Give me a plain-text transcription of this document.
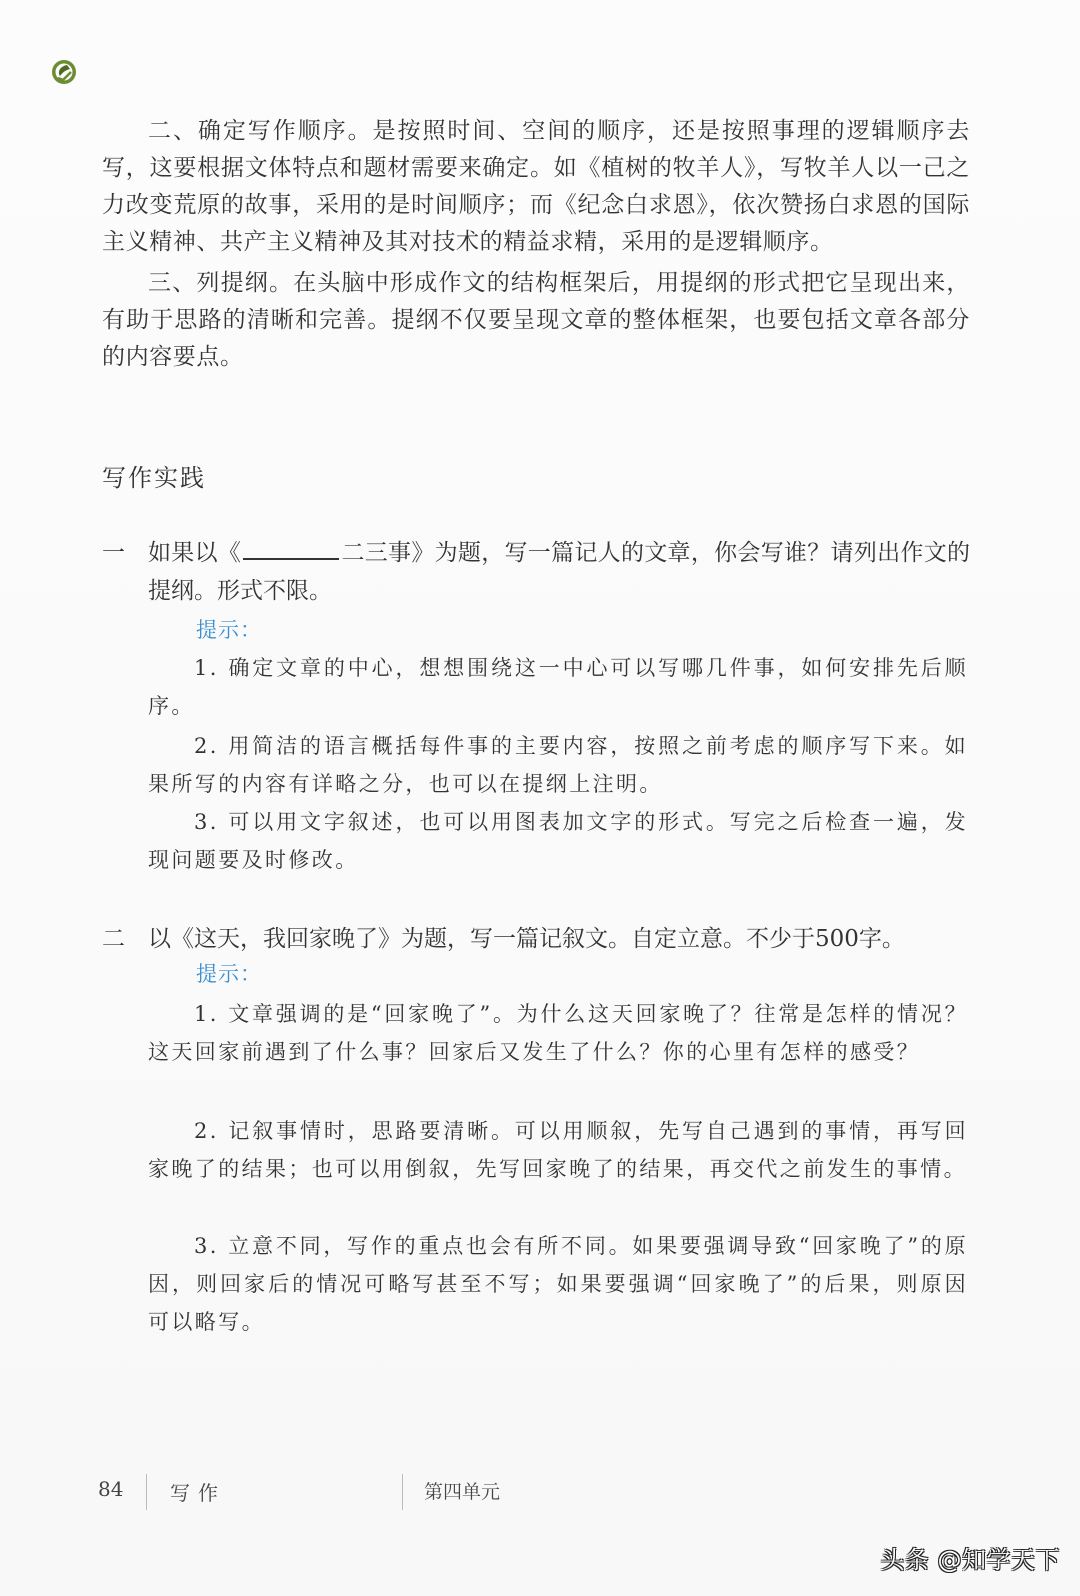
二、确定写作顺序。是按照时间、空间的顺序，还是按照事理的逻辑顺序去写，这要根据文体特点和题材需要来确定。如《植树的牧羊人》，写牧羊人以一己之力改变荒原的故事，采用的是时间顺序；而《纪念白求恩》，依次赞扬白求恩的国际主义精神、共产主义精神及其对技术的精益求精，采用的是逻辑顺序。

三、列提纲。在头脑中形成作文的结构框架后，用提纲的形式把它呈现出来，有助于思路的清晰和完善。提纲不仅要呈现文章的整体框架，也要包括文章各部分的内容要点。

写作实践
一	如果以《	二三事》为题，写一篇记人的文章，你会写谁？请列出作文的提纲。形式不限。
提示：

1. 确定文章的中心，想想围绕这一中心可以写哪几件事，如何安排先后顺序。

2. 用简洁的语言概括每件事的主要内容，按照之前考虑的顺序写下来。如果所写的内容有详略之分，也可以在提纲上注明。

3. 可以用文字叙述，也可以用图表加文字的形式。写完之后检查一遍，发现问题要及时修改。

二	以《这天，我回家晚了》为题，写一篇记叙文。自定立意。不少于500字。
提示：

1. 文章强调的是“回家晚了”。为什么这天回家晚了？往常是怎样的情况？这天回家前遇到了什么事？回家后又发生了什么？你的心里有怎样的感受？

2. 记叙事情时，思路要清晰。可以用顺叙，先写自己遇到的事情，再写回家晚了的结果；也可以用倒叙，先写回家晚了的结果，再交代之前发生的事情。

3. 立意不同，写作的重点也会有所不同。如果要强调导致“回家晚了”的原因，则回家后的情况可略写甚至不写；如果要强调“回家晚了”的后果，则原因可以略写。

84 写作	第四单元
头条 @知学天下
